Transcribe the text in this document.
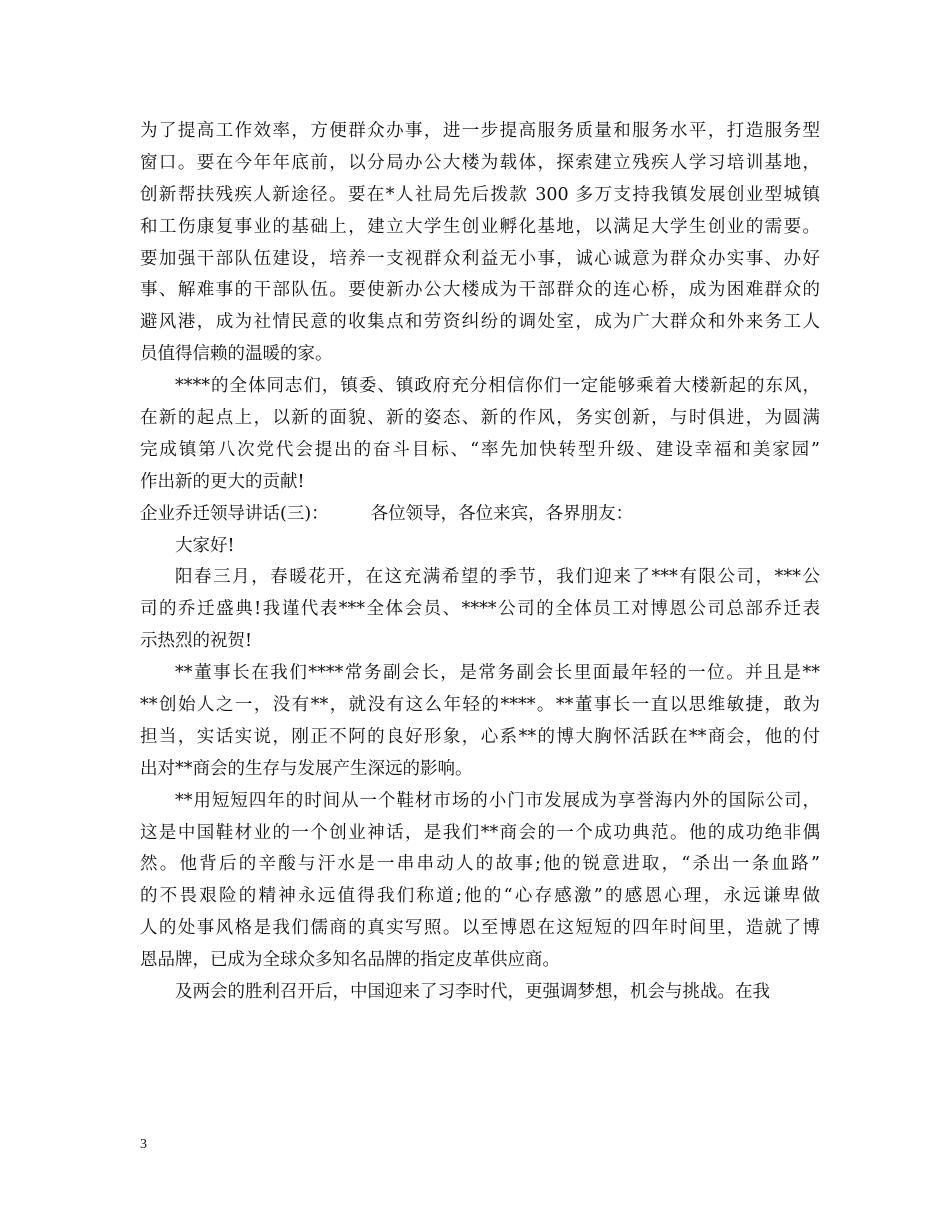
为了提高工作效率，方便群众办事，进一步提高服务质量和服务水平，打造服务型
窗口。要在今年年底前，以分局办公大楼为载体，探索建立残疾人学习培训基地，
创新帮扶残疾人新途径。要在*人社局先后拨款 300 多万支持我镇发展创业型城镇
和工伤康复事业的基础上，建立大学生创业孵化基地，以满足大学生创业的需要。
要加强干部队伍建设，培养一支视群众利益无小事，诚心诚意为群众办实事、办好
事、解难事的干部队伍。要使新办公大楼成为干部群众的连心桥，成为困难群众的
避风港，成为社情民意的收集点和劳资纠纷的调处室，成为广大群众和外来务工人
员值得信赖的温暖的家。
****的全体同志们，镇委、镇政府充分相信你们一定能够乘着大楼新起的东风，
在新的起点上，以新的面貌、新的姿态、新的作风，务实创新，与时俱进，为圆满
完成镇第八次党代会提出的奋斗目标、“率先加快转型升级、建设幸福和美家园”
作出新的更大的贡献!
企业乔迁领导讲话(三)： 各位领导，各位来宾，各界朋友：
大家好!
阳春三月，春暖花开，在这充满希望的季节，我们迎来了***有限公司，***公
司的乔迁盛典!我谨代表***全体会员、****公司的全体员工对博恩公司总部乔迁表
示热烈的祝贺!
**董事长在我们****常务副会长，是常务副会长里面最年轻的一位。并且是**
**创始人之一，没有**，就没有这么年轻的****。**董事长一直以思维敏捷，敢为
担当，实话实说，刚正不阿的良好形象，心系**的博大胸怀活跃在**商会，他的付
出对**商会的生存与发展产生深远的影响。
**用短短四年的时间从一个鞋材市场的小门市发展成为享誉海内外的国际公司，
这是中国鞋材业的一个创业神话，是我们**商会的一个成功典范。他的成功绝非偶
然。他背后的辛酸与汗水是一串串动人的故事;他的锐意进取，“杀出一条血路”
的不畏艰险的精神永远值得我们称道;他的“心存感激”的感恩心理，永远谦卑做
人的处事风格是我们儒商的真实写照。以至博恩在这短短的四年时间里，造就了博
恩品牌，已成为全球众多知名品牌的指定皮革供应商。
及两会的胜利召开后，中国迎来了习李时代，更强调梦想，机会与挑战。在我
3
